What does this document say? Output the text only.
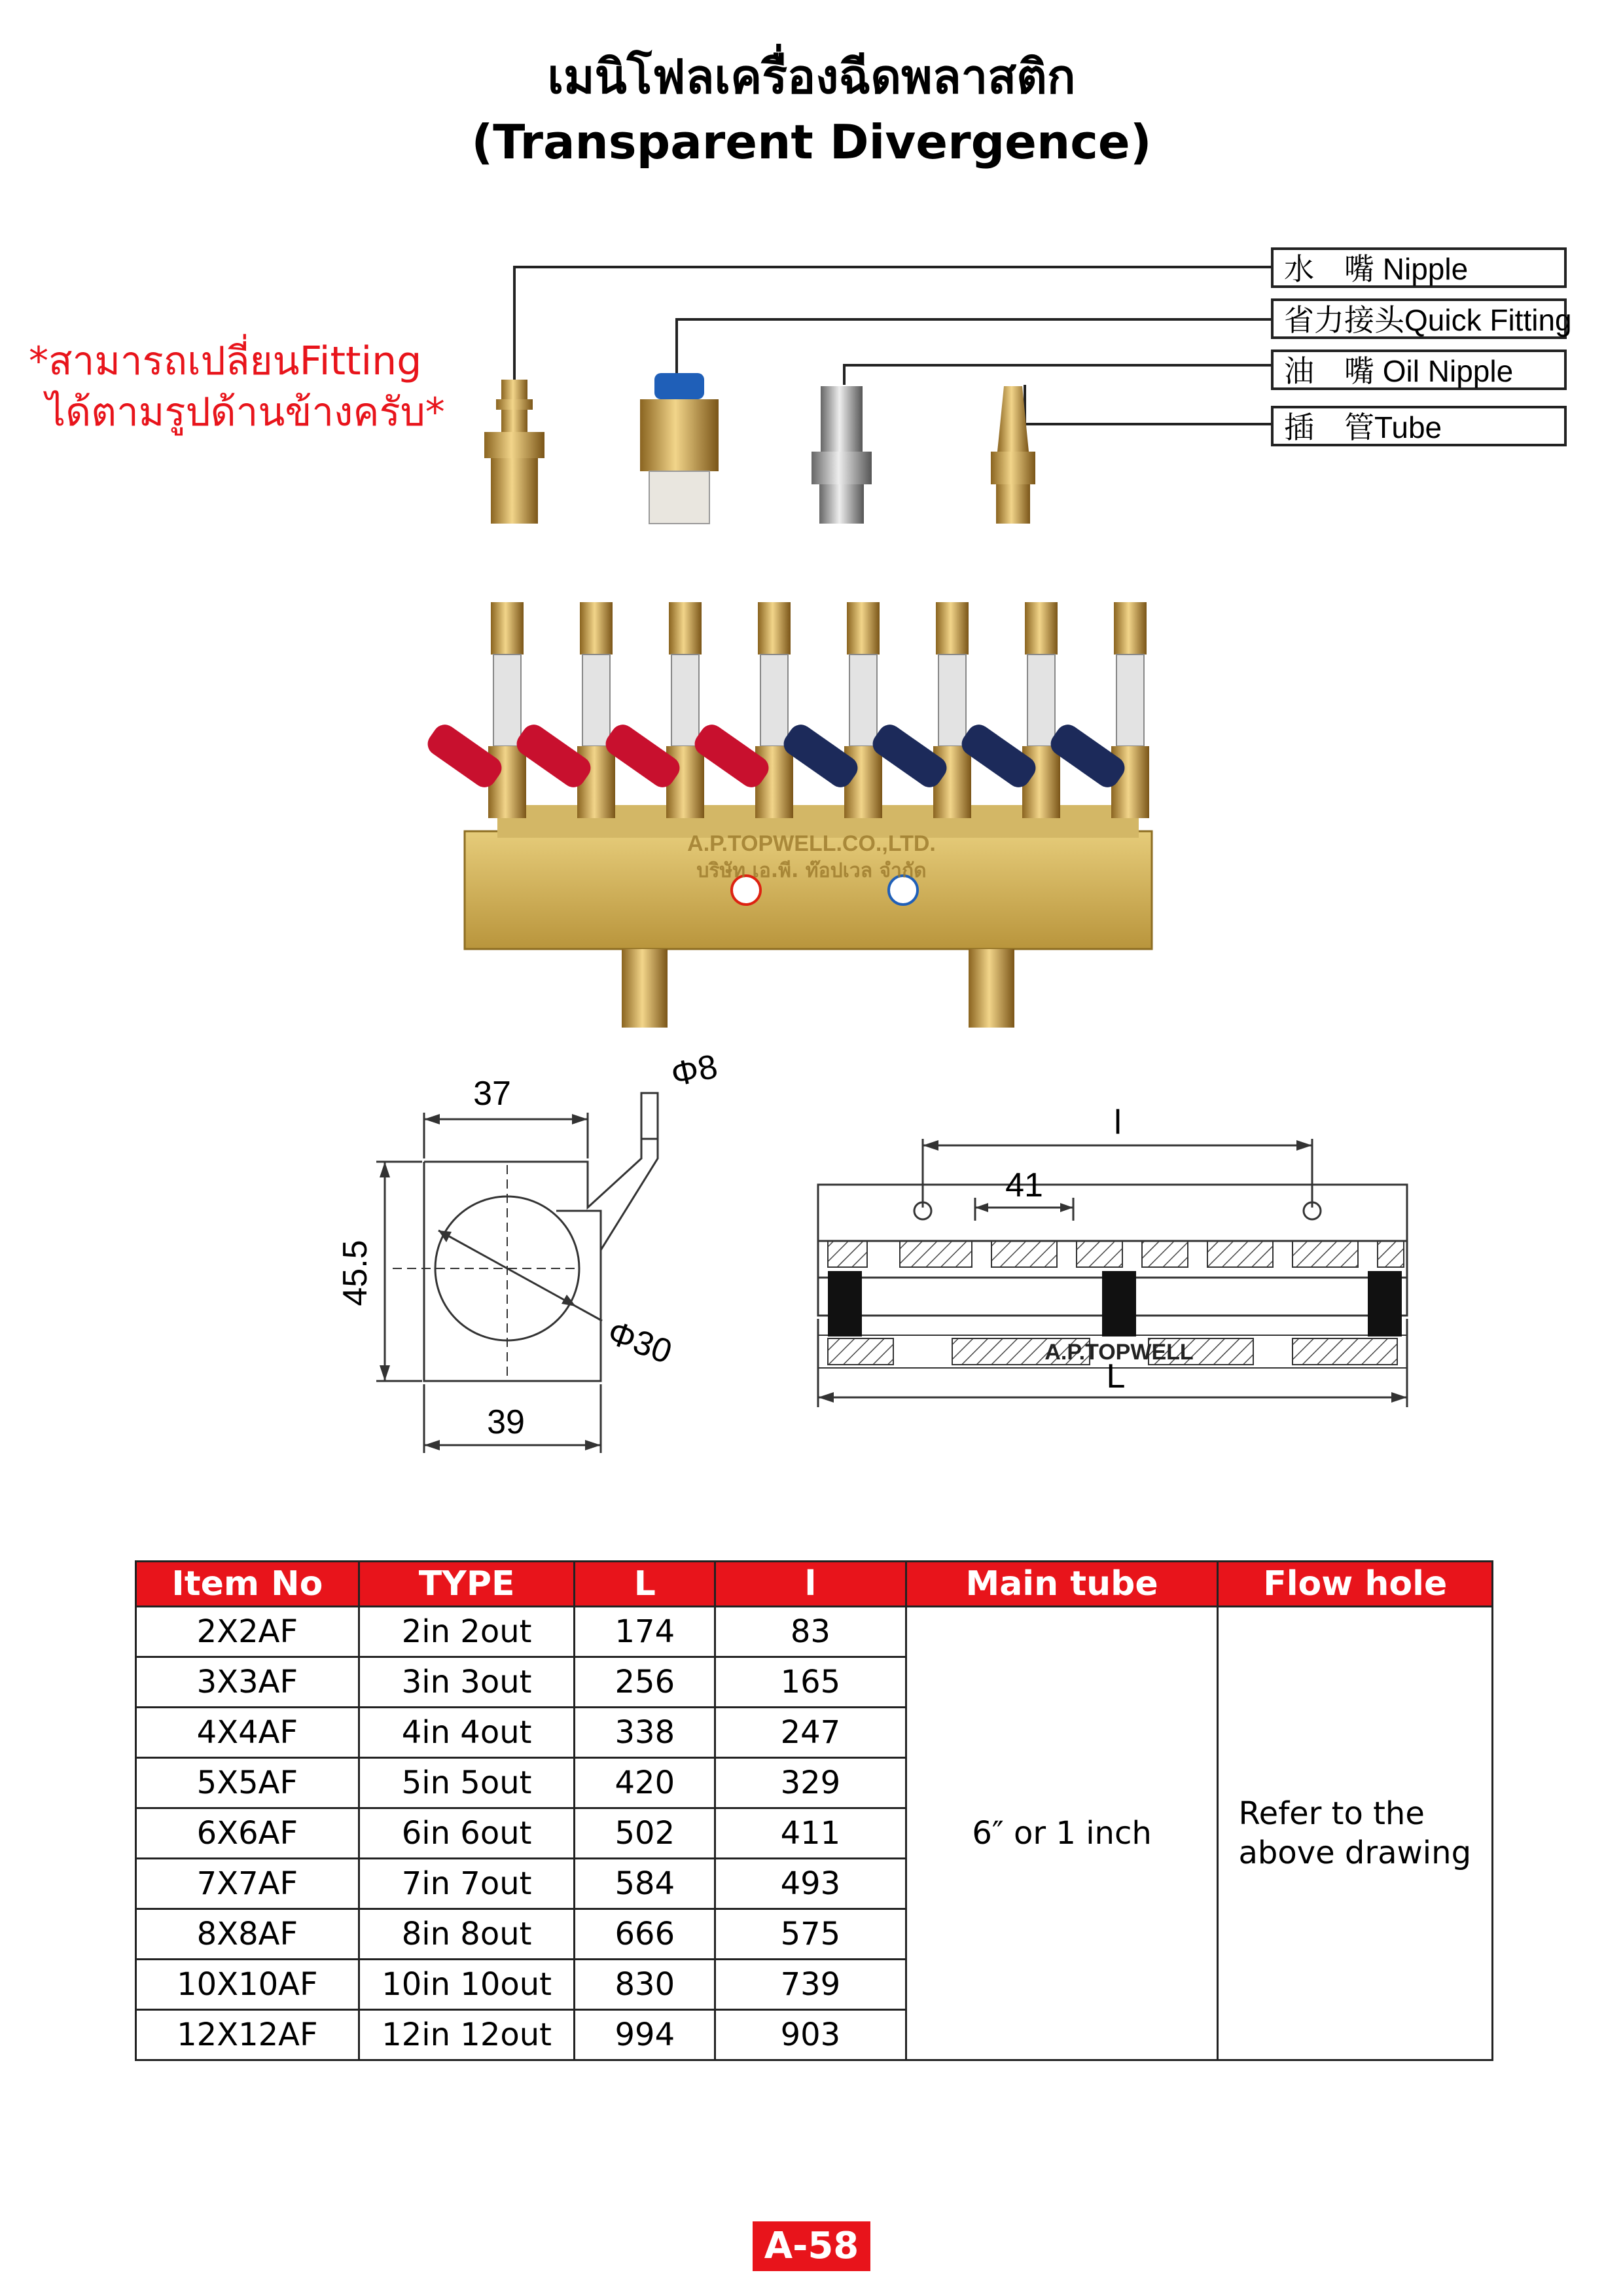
เมนิโฟลเครื่องฉีดพลาสติก
(Transparent Divergence)
*สามารถเปลี่ยนFitting
ได้ตามรูปด้านข้างครับ*
水　嘴 Nipple
省力接头Quick Fitting
油　嘴 Oil Nipple
插　管Tube
A.P.TOPWELL.CO.,LTD.
บริษัท เอ.พี. ท๊อปเวล จำกัด
37
45.5
39
Φ8
Φ30
l
41
A.P.TOPWELL
L
Item No	TYPE	L	l	Main tube	Flow hole
2X2AF	2in 2out	174	83	6″ or 1 inch	Refer to the
above drawing
3X3AF	3in 3out	256	165		
4X4AF	4in 4out	338	247		
5X5AF	5in 5out	420	329		
6X6AF	6in 6out	502	411		
7X7AF	7in 7out	584	493		
8X8AF	8in 8out	666	575		
10X10AF	10in 10out	830	739		
12X12AF	12in 12out	994	903		
A-58
